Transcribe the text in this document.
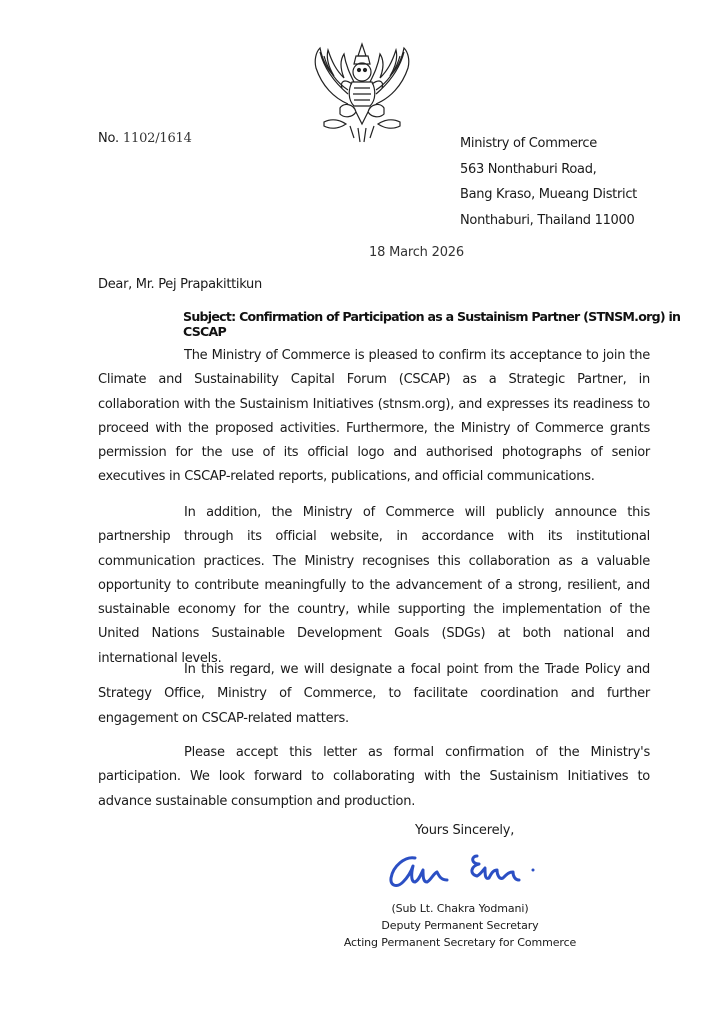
No. 1102/1614	Ministry of Commerce
563 Nonthaburi Road,
Bang Kraso, Mueang District
Nonthaburi, Thailand 11000
18 March 2026
Dear, Mr. Pej Prapakittikun
Subject: Confirmation of Participation as a Sustainism Partner (STNSM.org) in CSCAP

The Ministry of Commerce is pleased to confirm its acceptance to join the Climate and Sustainability Capital Forum (CSCAP) as a Strategic Partner, in collaboration with the Sustainism Initiatives (stnsm.org), and expresses its readiness to proceed with the proposed activities. Furthermore, the Ministry of Commerce grants permission for the use of its official logo and authorised photographs of senior executives in CSCAP-related reports, publications, and official communications.

In addition, the Ministry of Commerce will publicly announce this partnership through its official website, in accordance with its institutional communication practices. The Ministry recognises this collaboration as a valuable opportunity to contribute meaningfully to the advancement of a strong, resilient, and sustainable economy for the country, while supporting the implementation of the United Nations Sustainable Development Goals (SDGs) at both national and international levels.

In this regard, we will designate a focal point from the Trade Policy and Strategy Office, Ministry of Commerce, to facilitate coordination and further engagement on CSCAP-related matters.

Please accept this letter as formal confirmation of the Ministry's participation. We look forward to collaborating with the Sustainism Initiatives to advance sustainable consumption and production.

Yours Sincerely,
(Sub Lt. Chakra Yodmani)
Deputy Permanent Secretary
Acting Permanent Secretary for Commerce
